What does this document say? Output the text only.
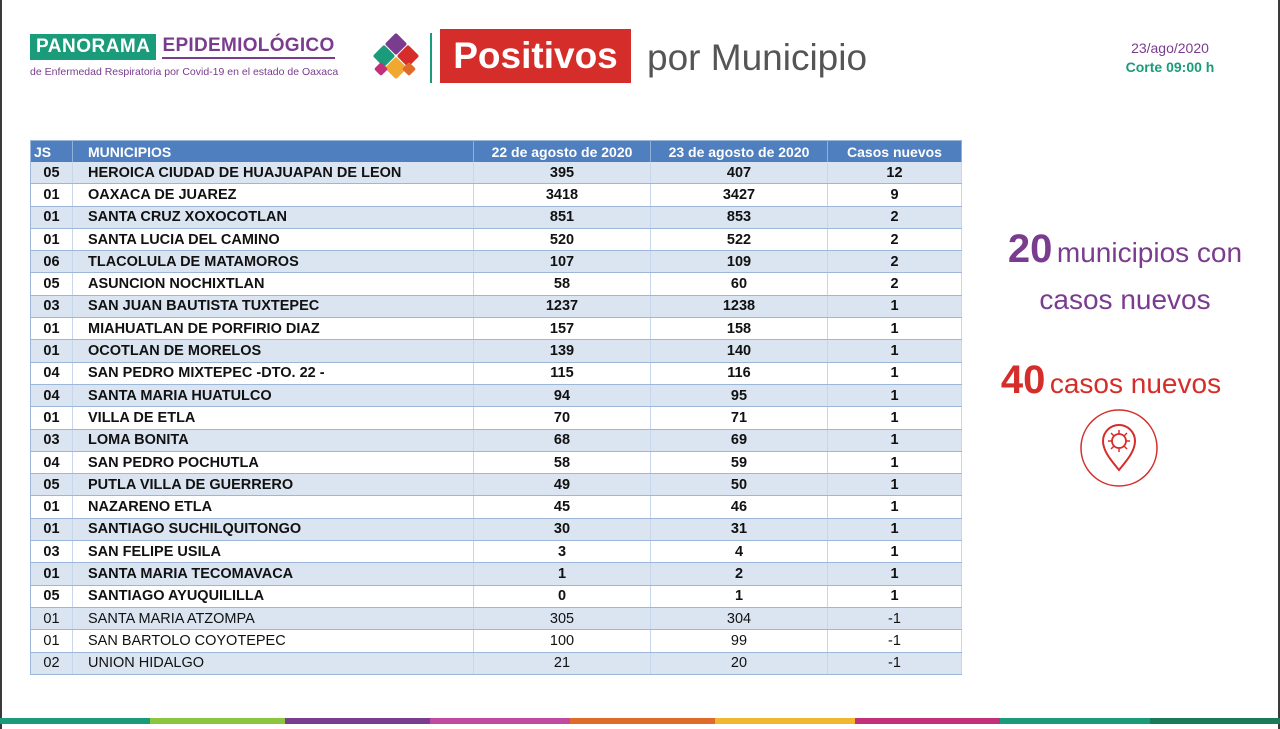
PANORAMA EPIDEMIOLÓGICO
de Enfermedad Respiratoria por Covid-19 en el estado de Oaxaca	Positivos por Municipio	23/ago/2020
Corte 09:00 h
JS	MUNICIPIOS	22 de agosto de 2020	23 de agosto de 2020	Casos nuevos
05	HEROICA CIUDAD DE HUAJUAPAN DE LEON	395	407	12
01	OAXACA DE JUAREZ	3418	3427	9
01	SANTA CRUZ XOXOCOTLAN	851	853	2
01	SANTA LUCIA DEL CAMINO	520	522	2
06	TLACOLULA DE MATAMOROS	107	109	2
05	ASUNCION NOCHIXTLAN	58	60	2
03	SAN JUAN BAUTISTA TUXTEPEC	1237	1238	1
01	MIAHUATLAN DE PORFIRIO DIAZ	157	158	1
01	OCOTLAN DE MORELOS	139	140	1
04	SAN PEDRO MIXTEPEC -DTO. 22 -	115	116	1
04	SANTA MARIA HUATULCO	94	95	1
01	VILLA DE ETLA	70	71	1
03	LOMA BONITA	68	69	1
04	SAN PEDRO POCHUTLA	58	59	1
05	PUTLA VILLA DE GUERRERO	49	50	1
01	NAZARENO ETLA	45	46	1
01	SANTIAGO SUCHILQUITONGO	30	31	1
03	SAN FELIPE USILA	3	4	1
01	SANTA MARIA TECOMAVACA	1	2	1
05	SANTIAGO AYUQUILILLA	0	1	1
01	SANTA MARIA ATZOMPA	305	304	-1
01	SAN BARTOLO COYOTEPEC	100	99	-1
02	UNION HIDALGO	21	20	-1
20 municipios con
casos nuevos
40 casos nuevos
